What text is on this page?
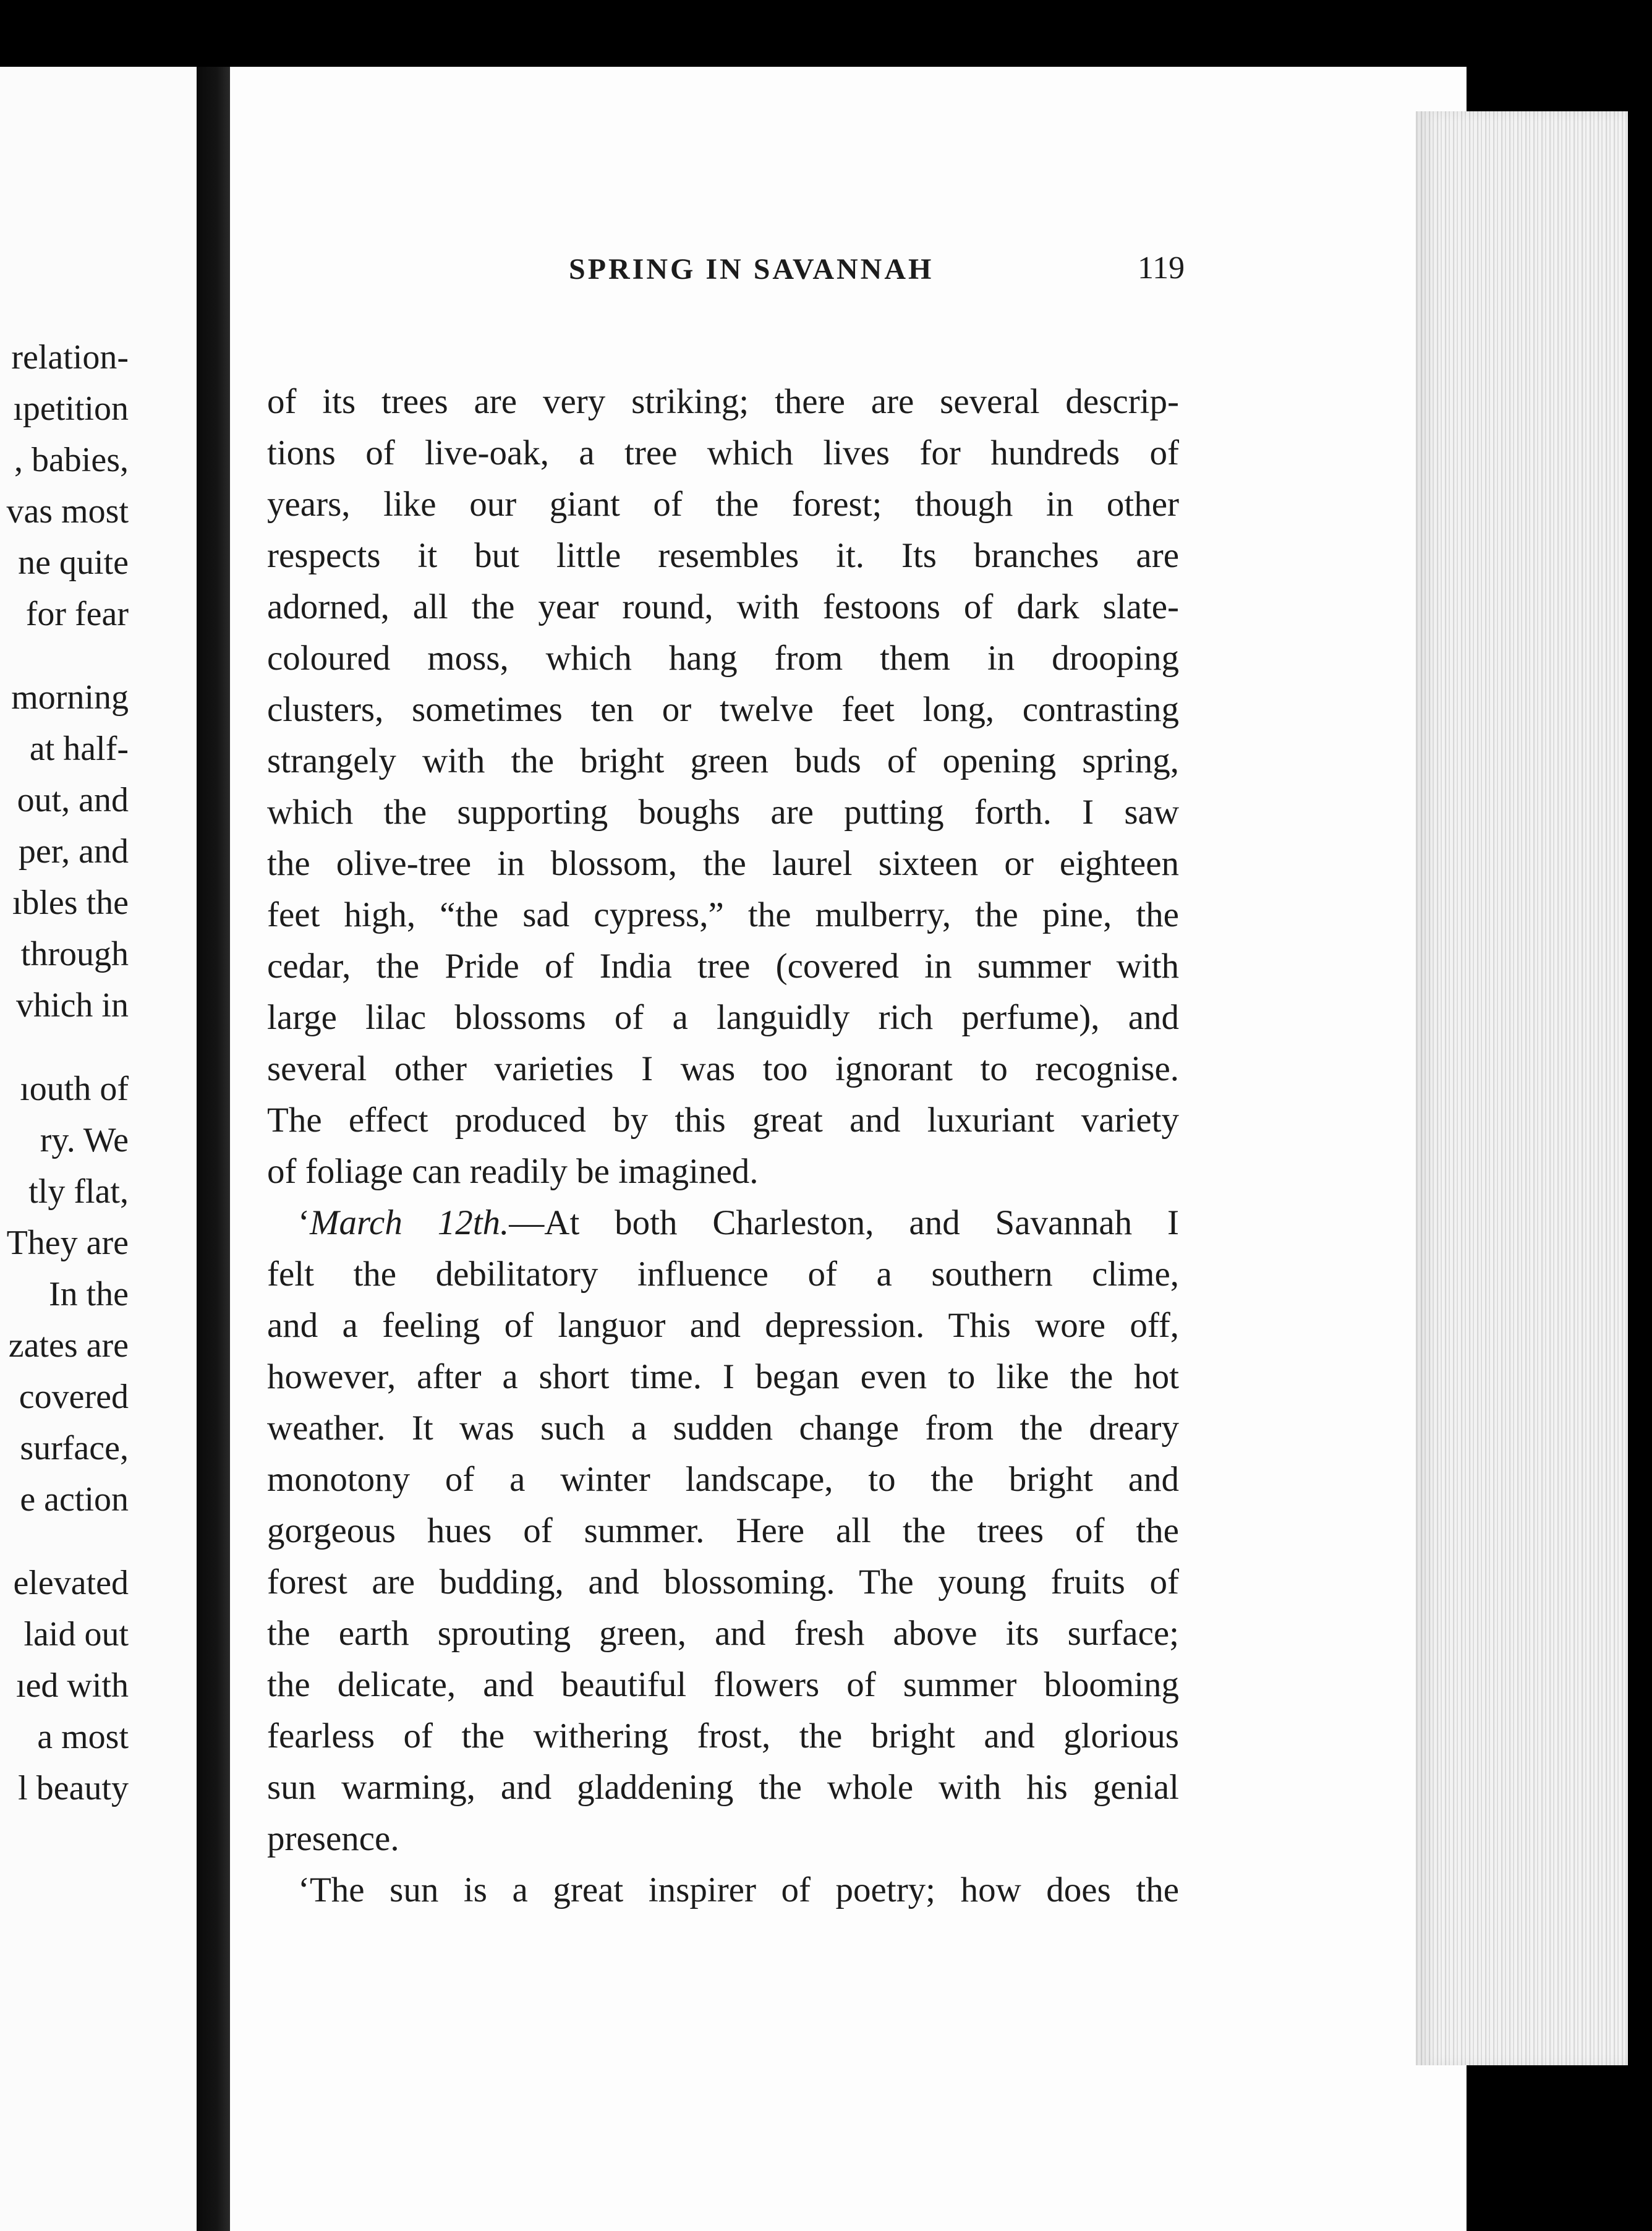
relation-
ıpetition
, babies,
vas most
ne quite
for fear
morning
at half-
out, and
per, and
ıbles the
through
vhich in
ıouth of
ry. We
tly flat,
They are
In the
zates are
covered
surface,
e action
elevated
laid out
ıed with
a most
l beauty
SPRING IN SAVANNAH	119
of its trees are very striking; there are several descrip-
tions of live-oak, a tree which lives for hundreds of
years, like our giant of the forest; though in other
respects it but little resembles it. Its branches are
adorned, all the year round, with festoons of dark slate-
coloured moss, which hang from them in drooping
clusters, sometimes ten or twelve feet long, contrasting
strangely with the bright green buds of opening spring,
which the supporting boughs are putting forth. I saw
the olive-tree in blossom, the laurel sixteen or eighteen
feet high, “the sad cypress,” the mulberry, the pine, the
cedar, the Pride of India tree (covered in summer with
large lilac blossoms of a languidly rich perfume), and
several other varieties I was too ignorant to recognise.
The effect produced by this great and luxuriant variety
of foliage can readily be imagined.
‘March 12th.—At both Charleston, and Savannah I
felt the debilitatory influence of a southern clime,
and a feeling of languor and depression. This wore off,
however, after a short time. I began even to like the hot
weather. It was such a sudden change from the dreary
monotony of a winter landscape, to the bright and
gorgeous hues of summer. Here all the trees of the
forest are budding, and blossoming. The young fruits of
the earth sprouting green, and fresh above its surface;
the delicate, and beautiful flowers of summer blooming
fearless of the withering frost, the bright and glorious
sun warming, and gladdening the whole with his genial
presence.
‘The sun is a great inspirer of poetry; how does the
